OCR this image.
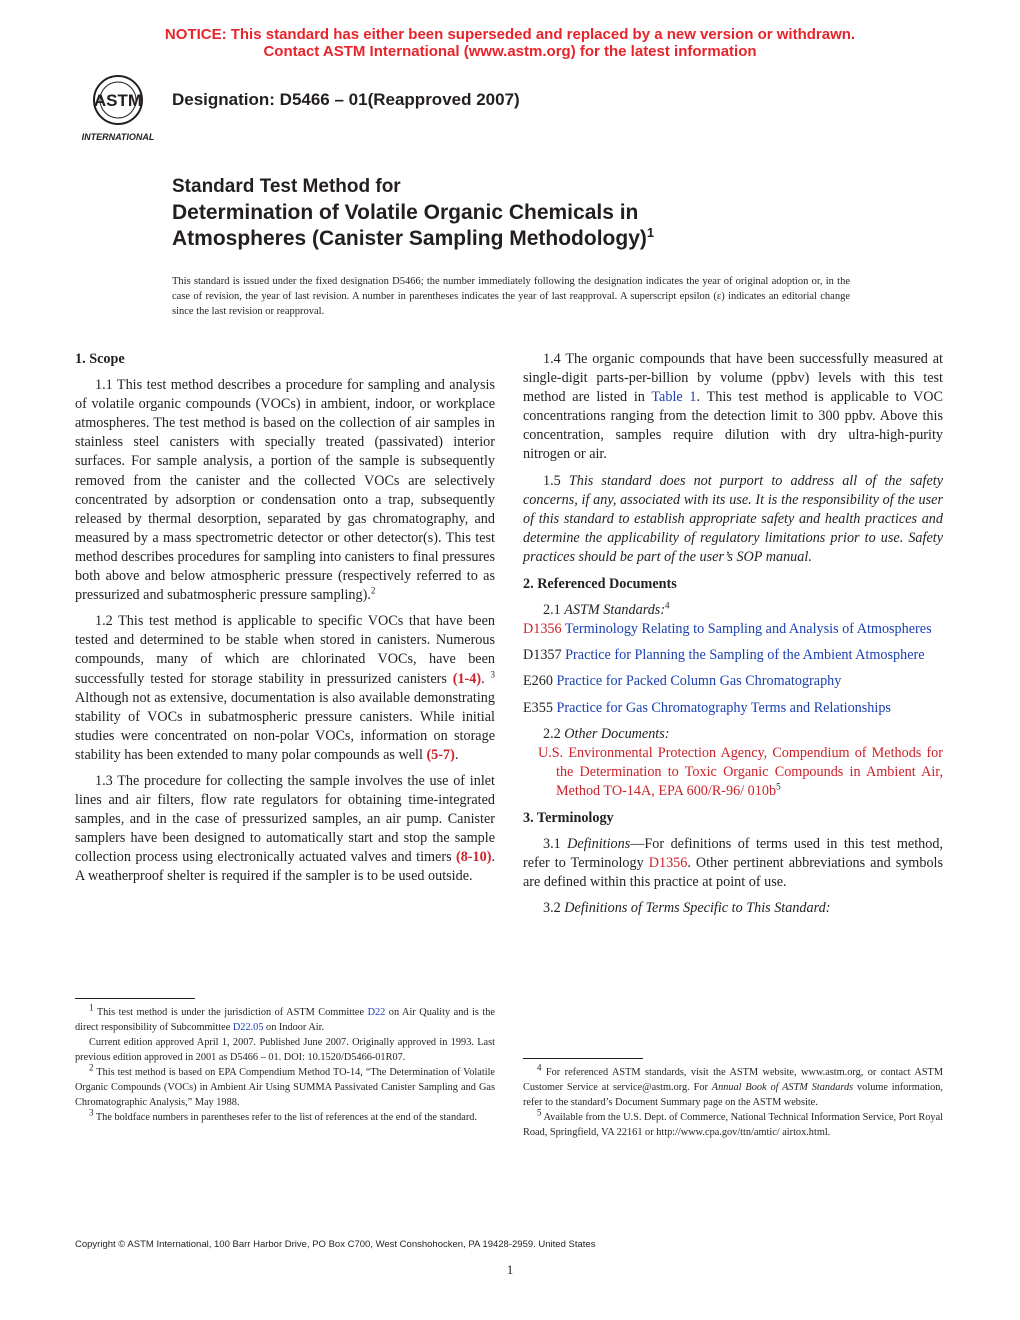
NOTICE: This standard has either been superseded and replaced by a new version or withdrawn.
Contact ASTM International (www.astm.org) for the latest information
ASTM
INTERNATIONAL
Designation: D5466 – 01(Reapproved 2007)
Standard Test Method for
Determination of Volatile Organic Chemicals in
Atmospheres (Canister Sampling Methodology)$^1$

This standard is issued under the fixed designation D5466; the number immediately following the designation indicates the year of original adoption or, in the case of revision, the year of last revision. A number in parentheses indicates the year of last reapproval. A superscript epsilon (ε) indicates an editorial change since the last revision or reapproval.

1. Scope

1.1 This test method describes a procedure for sampling and analysis of volatile organic compounds (VOCs) in ambient, indoor, or workplace atmospheres. The test method is based on the collection of air samples in stainless steel canisters with specially treated (passivated) interior surfaces. For sample analysis, a portion of the sample is subsequently removed from the canister and the collected VOCs are selectively concentrated by adsorption or condensation onto a trap, subsequently released by thermal desorption, separated by gas chromatography, and measured by a mass spectrometric detector or other detector(s). This test method describes procedures for sampling into canisters to final pressures both above and below atmospheric pressure (respectively referred to as pressurized and subatmospheric pressure sampling).$^2$

1.2 This test method is applicable to specific VOCs that have been tested and determined to be stable when stored in canisters. Numerous compounds, many of which are chlorinated VOCs, have been successfully tested for storage stability in pressurized canisters (1-4). $^3$ Although not as extensive, documentation is also available demonstrating stability of VOCs in subatmospheric pressure canisters. While initial studies were concentrated on non-polar VOCs, information on storage stability has been extended to many polar compounds as well (5-7).

1.3 The procedure for collecting the sample involves the use of inlet lines and air filters, flow rate regulators for obtaining time-integrated samples, and in the case of pressurized samples, an air pump. Canister samplers have been designed to automatically start and stop the sample collection process using electronically actuated valves and timers (8-10). A weatherproof shelter is required if the sampler is to be used outside.

$^1$ This test method is under the jurisdiction of ASTM Committee D22 on Air Quality and is the direct responsibility of Subcommittee D22.05 on Indoor Air.

Current edition approved April 1, 2007. Published June 2007. Originally approved in 1993. Last previous edition approved in 2001 as D5466 – 01. DOI: 10.1520/D5466-01R07.

$^2$ This test method is based on EPA Compendium Method TO-14, “The Determination of Volatile Organic Compounds (VOCs) in Ambient Air Using SUMMA Passivated Canister Sampling and Gas Chromatographic Analysis,” May 1988.

$^3$ The boldface numbers in parentheses refer to the list of references at the end of the standard.

1.4 The organic compounds that have been successfully measured at single-digit parts-per-billion by volume (ppbv) levels with this test method are listed in Table 1. This test method is applicable to VOC concentrations ranging from the detection limit to 300 ppbv. Above this concentration, samples require dilution with dry ultra-high-purity nitrogen or air.

1.5 This standard does not purport to address all of the safety concerns, if any, associated with its use. It is the responsibility of the user of this standard to establish appropriate safety and health practices and determine the applicability of regulatory limitations prior to use. Safety practices should be part of the user’s SOP manual.

2. Referenced Documents

2.1 ASTM Standards:$^4$

D1356 Terminology Relating to Sampling and Analysis of Atmospheres

D1357 Practice for Planning the Sampling of the Ambient Atmosphere

E260 Practice for Packed Column Gas Chromatography

E355 Practice for Gas Chromatography Terms and Relationships

2.2 Other Documents:

U.S. Environmental Protection Agency, Compendium of Methods for the Determination to Toxic Organic Compounds in Ambient Air, Method TO-14A, EPA 600/R-96/ $010b^5$

3. Terminology

3.1 Definitions—For definitions of terms used in this test method, refer to Terminology D1356. Other pertinent abbreviations and symbols are defined within this practice at point of use.

3.2 Definitions of Terms Specific to This Standard:

$^4$ For referenced ASTM standards, visit the ASTM website, www.astm.org, or contact ASTM Customer Service at service@astm.org. For Annual Book of ASTM Standards volume information, refer to the standard’s Document Summary page on the ASTM website.

$^5$ Available from the U.S. Dept. of Commerce, National Technical Information Service, Port Royal Road, Springfield, VA 22161 or http://www.cpa.gov/ttn/amtic/ airtox.html.

Copyright © ASTM International, 100 Barr Harbor Drive, PO Box C700, West Conshohocken, PA 19428-2959. United States
1
